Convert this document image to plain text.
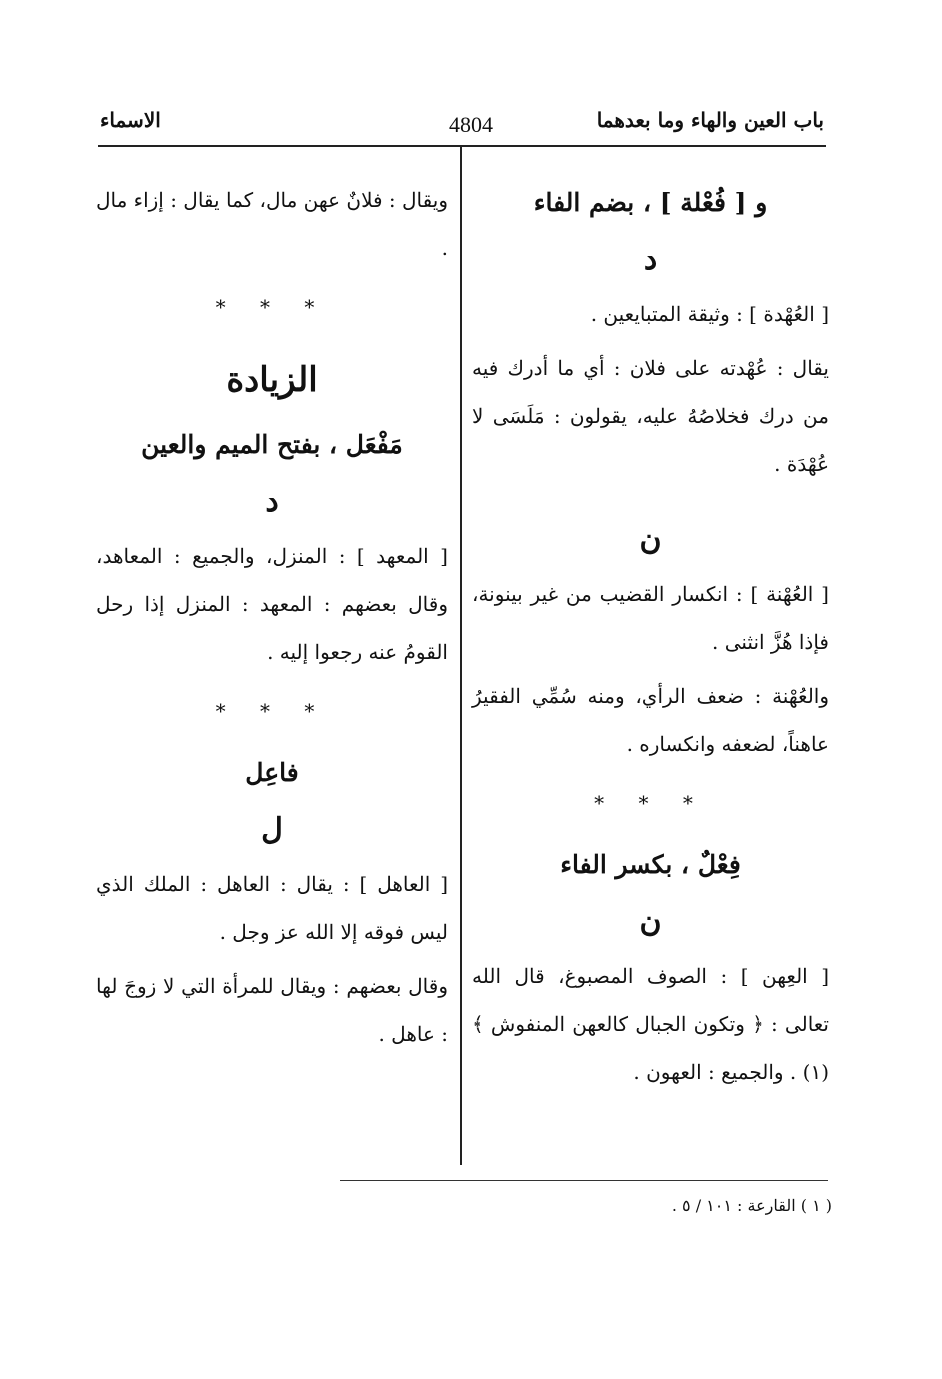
باب العين والهاء وما بعدهما
4804
الاسماء

و [ فُعْلة ] ، بضم الفاء

د

[ العُهْدة ] : وثيقة المتبايعين .

يقال : عُهْدته على فلان : أي ما أدرك فيه من درك فخلاصُهُ عليه، يقولون : مَلَسَى لا عُهْدَة .

ن

[ العُهْنة ] : انكسار القضيب من غير بينونة، فإذا هُزَّ انثنى .

والعُهْنة : ضعف الرأي، ومنه سُمِّي الفقيرُ عاهناً، لضعفه وانكساره .

* * *

فِعْلٌ ، بكسر الفاء

ن

[ العِهن ] : الصوف المصبوغ، قال الله تعالى : ﴿ وتكون الجبال كالعهن المنفوش ﴾ (١) . والجميع : العهون .

ويقال : فلانٌ عهن مال، كما يقال : إزاء مال .

* * *

الزيادة

مَفْعَل ، بفتح الميم والعين

د

[ المعهد ] : المنزل، والجميع : المعاهد، وقال بعضهم : المعهد : المنزل إذا رحل القومُ عنه رجعوا إليه .

* * *

فاعِل

ل

[ العاهل ] : يقال : العاهل : الملك الذي ليس فوقه إلا الله عز وجل .

وقال بعضهم : ويقال للمرأة التي لا زوجَ لها : عاهل .

( ١ ) القارعة : ١٠١ / ٥ .
